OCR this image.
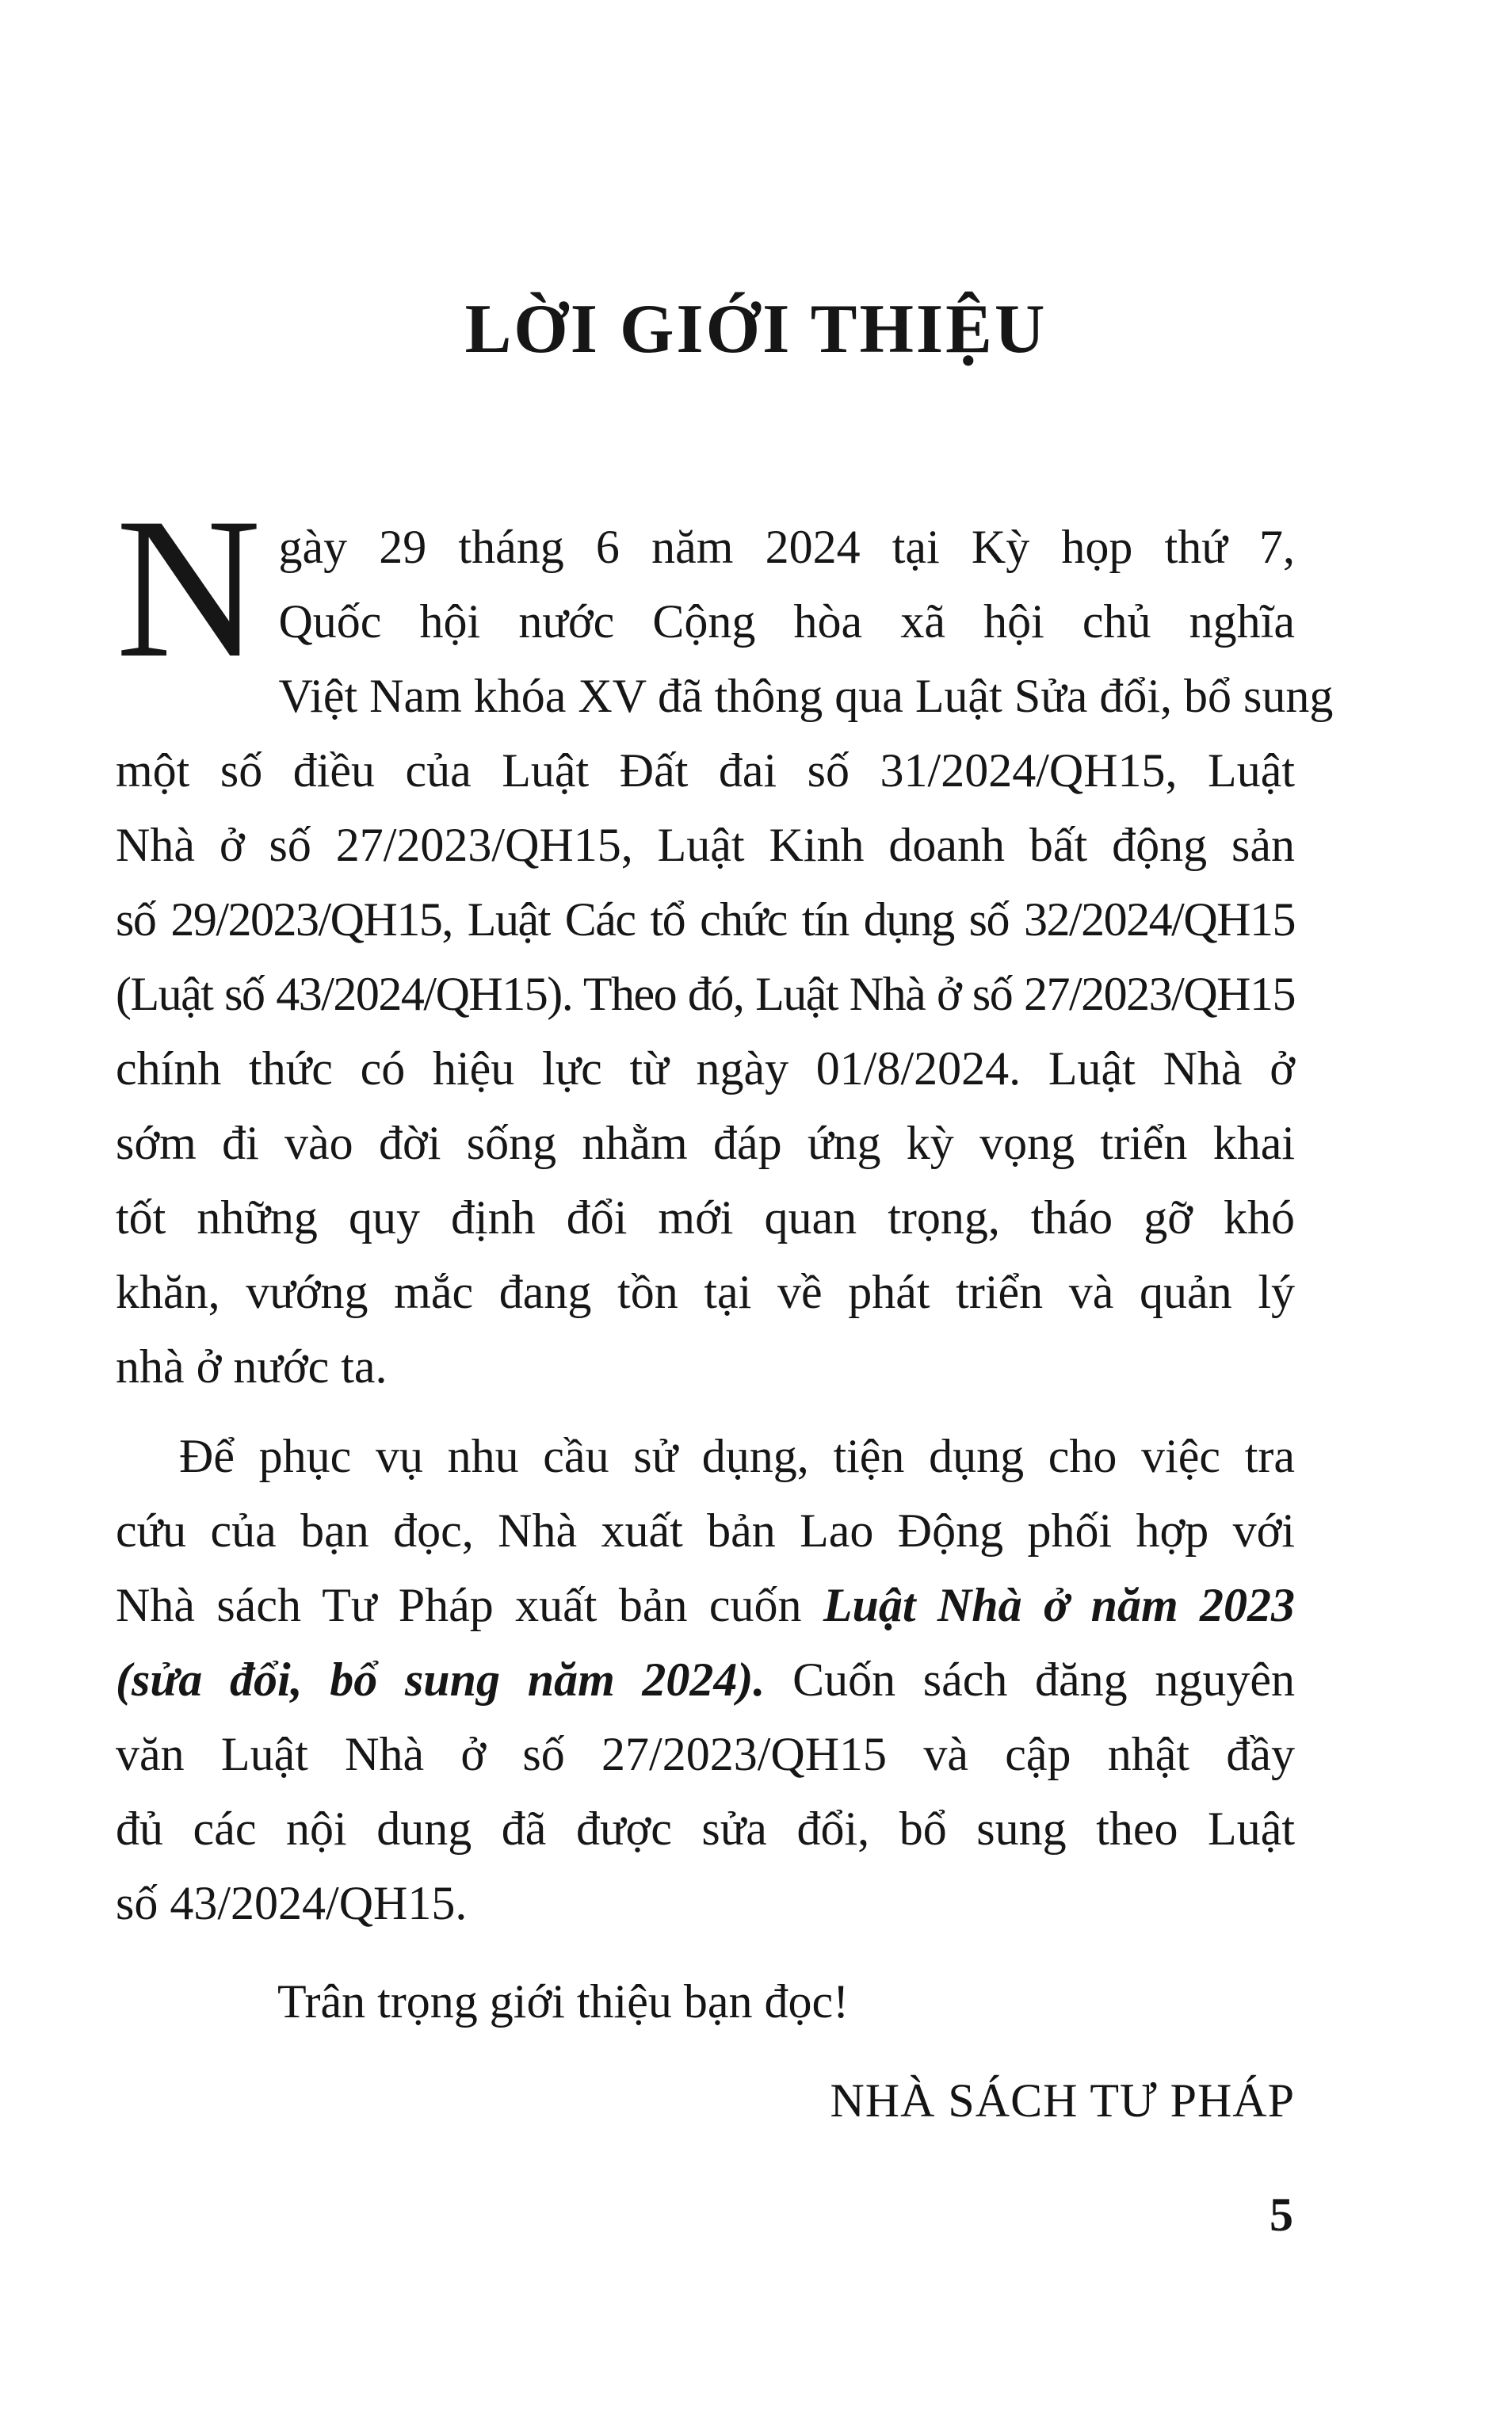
LỜI GIỚI THIỆU
N gày 29 tháng 6 năm 2024 tại Kỳ họp thứ 7,
Quốc hội nước Cộng hòa xã hội chủ nghĩa
Việt Nam khóa XV đã thông qua Luật Sửa đổi, bổ sung
một số điều của Luật Đất đai số 31/2024/QH15, Luật
Nhà ở số 27/2023/QH15, Luật Kinh doanh bất động sản
số 29/2023/QH15, Luật Các tổ chức tín dụng số 32/2024/QH15
(Luật số 43/2024/QH15). Theo đó, Luật Nhà ở số 27/2023/QH15
chính thức có hiệu lực từ ngày 01/8/2024. Luật Nhà ở
sớm đi vào đời sống nhằm đáp ứng kỳ vọng triển khai
tốt những quy định đổi mới quan trọng, tháo gỡ khó
khăn, vướng mắc đang tồn tại về phát triển và quản lý
nhà ở nước ta.
Để phục vụ nhu cầu sử dụng, tiện dụng cho việc tra
cứu của bạn đọc, Nhà xuất bản Lao Động phối hợp với
Nhà sách Tư Pháp xuất bản cuốn Luật Nhà ở năm 2023
(sửa đổi, bổ sung năm 2024). Cuốn sách đăng nguyên
văn Luật Nhà ở số 27/2023/QH15 và cập nhật đầy
đủ các nội dung đã được sửa đổi, bổ sung theo Luật
số 43/2024/QH15.
Trân trọng giới thiệu bạn đọc!
NHÀ SÁCH TƯ PHÁP
5
